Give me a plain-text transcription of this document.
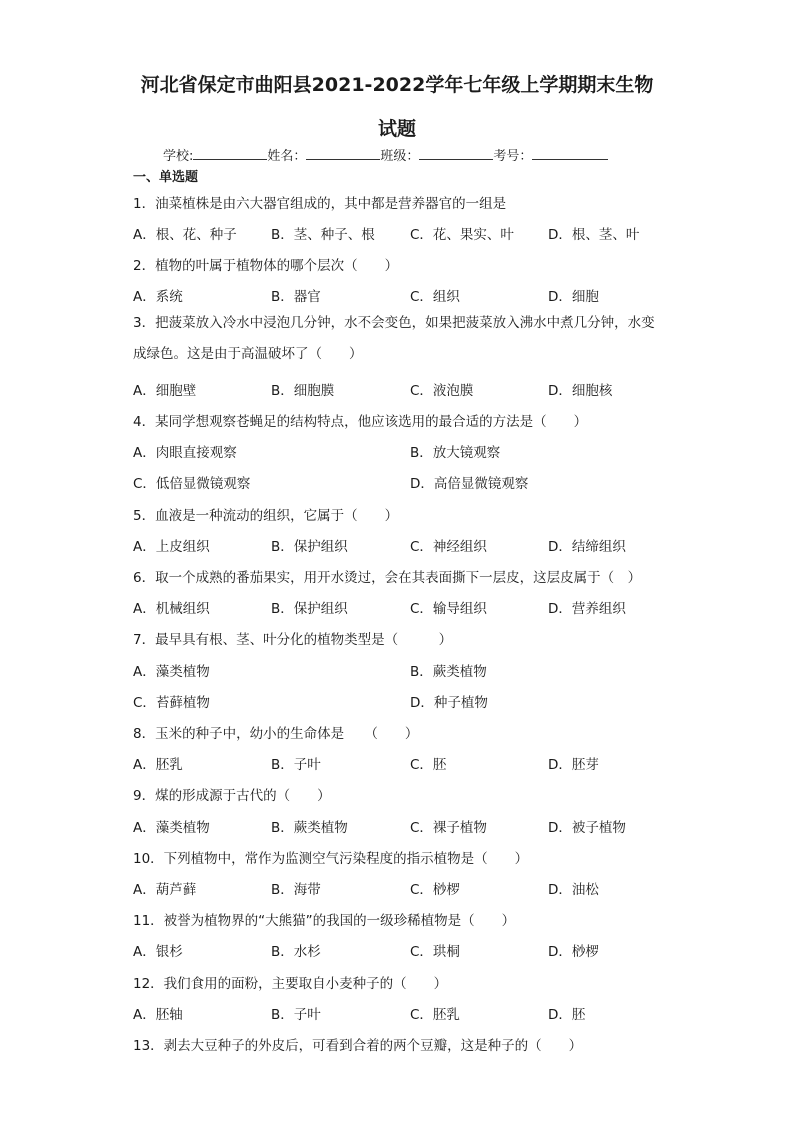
河北省保定市曲阳县2021-2022学年七年级上学期期末生物
试题
学校:	姓名：	班级：	考号：
一、单选题
1．油菜植株是由六大器官组成的，其中都是营养器官的一组是
A．根、花、种子	B．茎、种子、根	C．花、果实、叶	D．根、茎、叶
2．植物的叶属于植物体的哪个层次（　　）
A．系统	B．器官	C．组织	D．细胞
3．把菠菜放入冷水中浸泡几分钟，水不会变色，如果把菠菜放入沸水中煮几分钟，水变成绿色。这是由于高温破坏了（　　）
A．细胞壁	B．细胞膜	C．液泡膜	D．细胞核
4．某同学想观察苍蝇足的结构特点，他应该选用的最合适的方法是（　　）
A．肉眼直接观察	B．放大镜观察
C．低倍显微镜观察	D．高倍显微镜观察
5．血液是一种流动的组织，它属于（　　）
A．上皮组织	B．保护组织	C．神经组织	D．结缔组织
6．取一个成熟的番茄果实，用开水烫过，会在其表面撕下一层皮，这层皮属于（　）
A．机械组织	B．保护组织	C．输导组织	D．营养组织
7．最早具有根、茎、叶分化的植物类型是（　　　）
A．藻类植物	B．蕨类植物
C．苔藓植物	D．种子植物
8．玉米的种子中，幼小的生命体是　　（　　）
A．胚乳	B．子叶	C．胚	D．胚芽
9．煤的形成源于古代的（　　）
A．藻类植物	B．蕨类植物	C．裸子植物	D．被子植物
10．下列植物中，常作为监测空气污染程度的指示植物是（　　）
A．葫芦藓	B．海带	C．桫椤	D．油松
11．被誉为植物界的“大熊猫”的我国的一级珍稀植物是（　　）
A．银杉	B．水杉	C．珙桐	D．桫椤
12．我们食用的面粉，主要取自小麦种子的（　　）
A．胚轴	B．子叶	C．胚乳	D．胚
13．剥去大豆种子的外皮后，可看到合着的两个豆瓣，这是种子的（　　）
